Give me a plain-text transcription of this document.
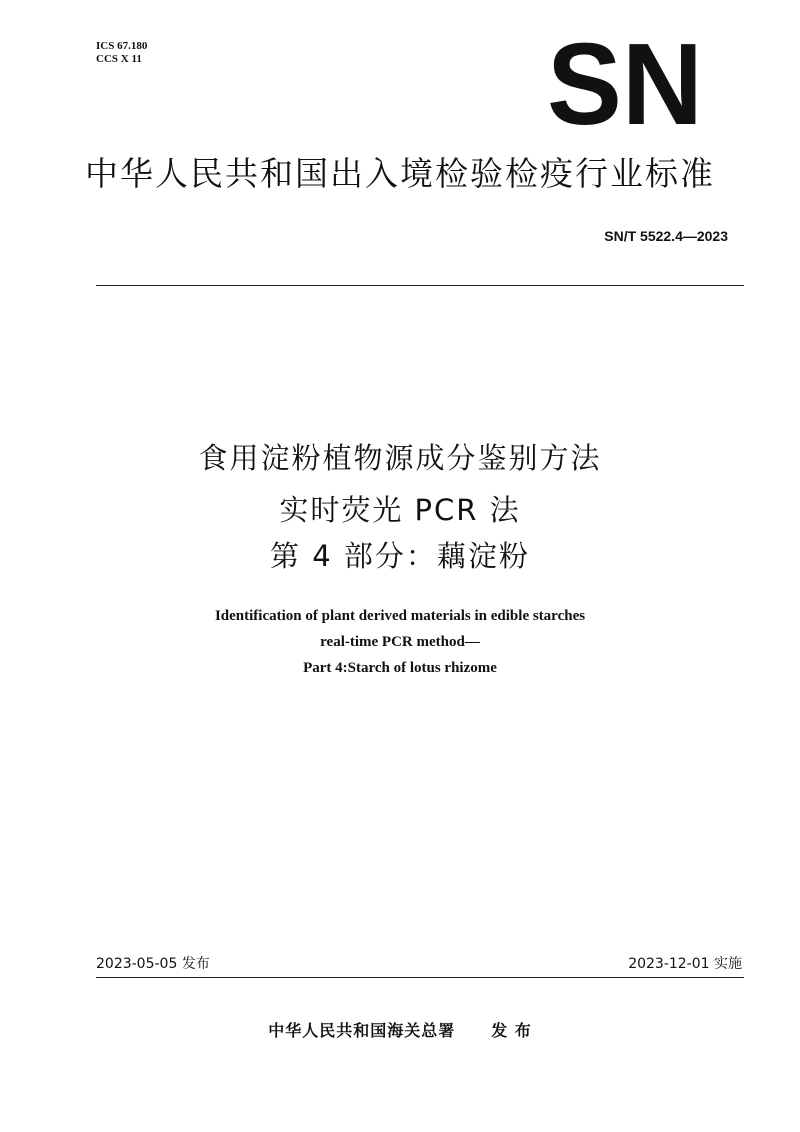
ICS 67.180
CCS X 11	SN
中华人民共和国出入境检验检疫行业标准
SN/T 5522.4—2023
食用淀粉植物源成分鉴别方法
实时荧光 PCR 法
第 4 部分：藕淀粉
Identification of plant derived materials in edible starches
real-time PCR method—
Part 4:Starch of lotus rhizome
2023-05-05 发布	2023-12-01 实施
中华人民共和国海关总署 发 布
